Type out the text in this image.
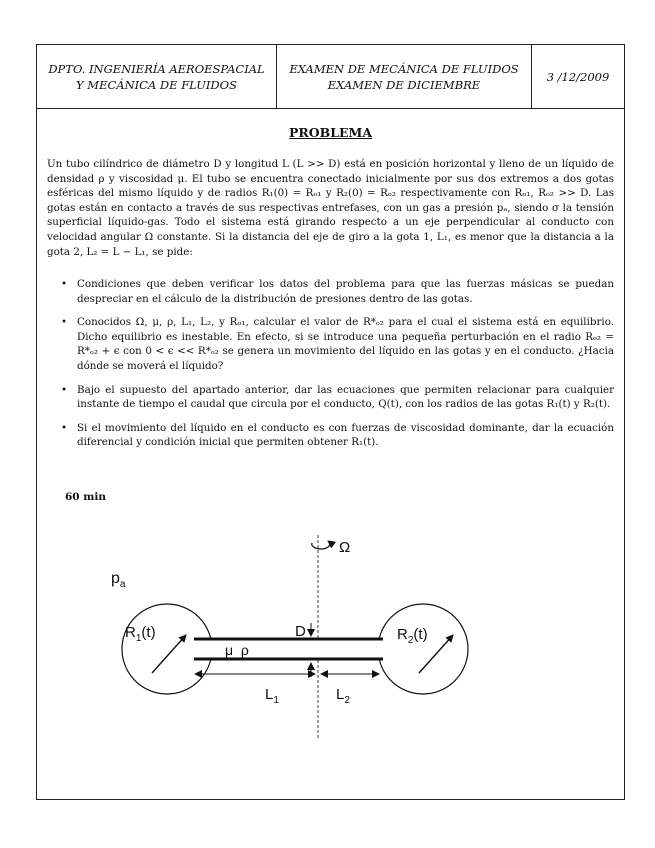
DPTO. INGENIERÍA AEROESPACIAL
Y MECÁNICA DE FLUIDOS
EXAMEN DE MECÁNICA DE FLUIDOS
EXAMEN DE DICIEMBRE
3 /12/2009
PROBLEMA
Un tubo cilíndrico de diámetro D y longitud L (L >> D) está en posición horizontal y lleno de un líquido de densidad ρ y viscosidad μ. El tubo se encuentra conectado inicialmente por sus dos extremos a dos gotas esféricas del mismo líquido y de radios R₁(0) = Rₒ₁ y R₂(0) = Rₒ₂ respectivamente con Rₒ₁, Rₒ₂ >> D. Las gotas están en contacto a través de sus respectivas entrefases, con un gas a presión pₐ, siendo σ la tensión superficial líquido-gas. Todo el sistema está girando respecto a un eje perpendicular al conducto con velocidad angular Ω constante. Si la distancia del eje de giro a la gota 1, L₁, es menor que la distancia a la gota 2, L₂ = L − L₁, se pide:
• Condiciones que deben verificar los datos del problema para que las fuerzas másicas se puedan despreciar en el cálculo de la distribución de presiones dentro de las gotas.
• Conocidos Ω, μ, ρ, L₁, L₂, y Rₒ₁, calcular el valor de R*ₒ₂ para el cual el sistema está en equilibrio. Dicho equilibrio es inestable. En efecto, si se introduce una pequeña perturbación en el radio Rₒ₂ = R*ₒ₂ + ϵ con 0 < ϵ << R*ₒ₂ se genera un movimiento del líquido en las gotas y en el conducto. ¿Hacia dónde se moverá el líquido?
• Bajo el supuesto del apartado anterior, dar las ecuaciones que permiten relacionar para cualquier instante de tiempo el caudal que circula por el conducto, Q(t), con los radios de las gotas R₁(t) y R₂(t).
• Si el movimiento del líquido en el conducto es con fuerzas de viscosidad dominante, dar la ecuación diferencial y condición inicial que permiten obtener R₁(t).
60 min
Ω
$p_a$
$R_1(t)$	$R_2(t)$
D
μ  ρ
$L_1$	$L_2$
